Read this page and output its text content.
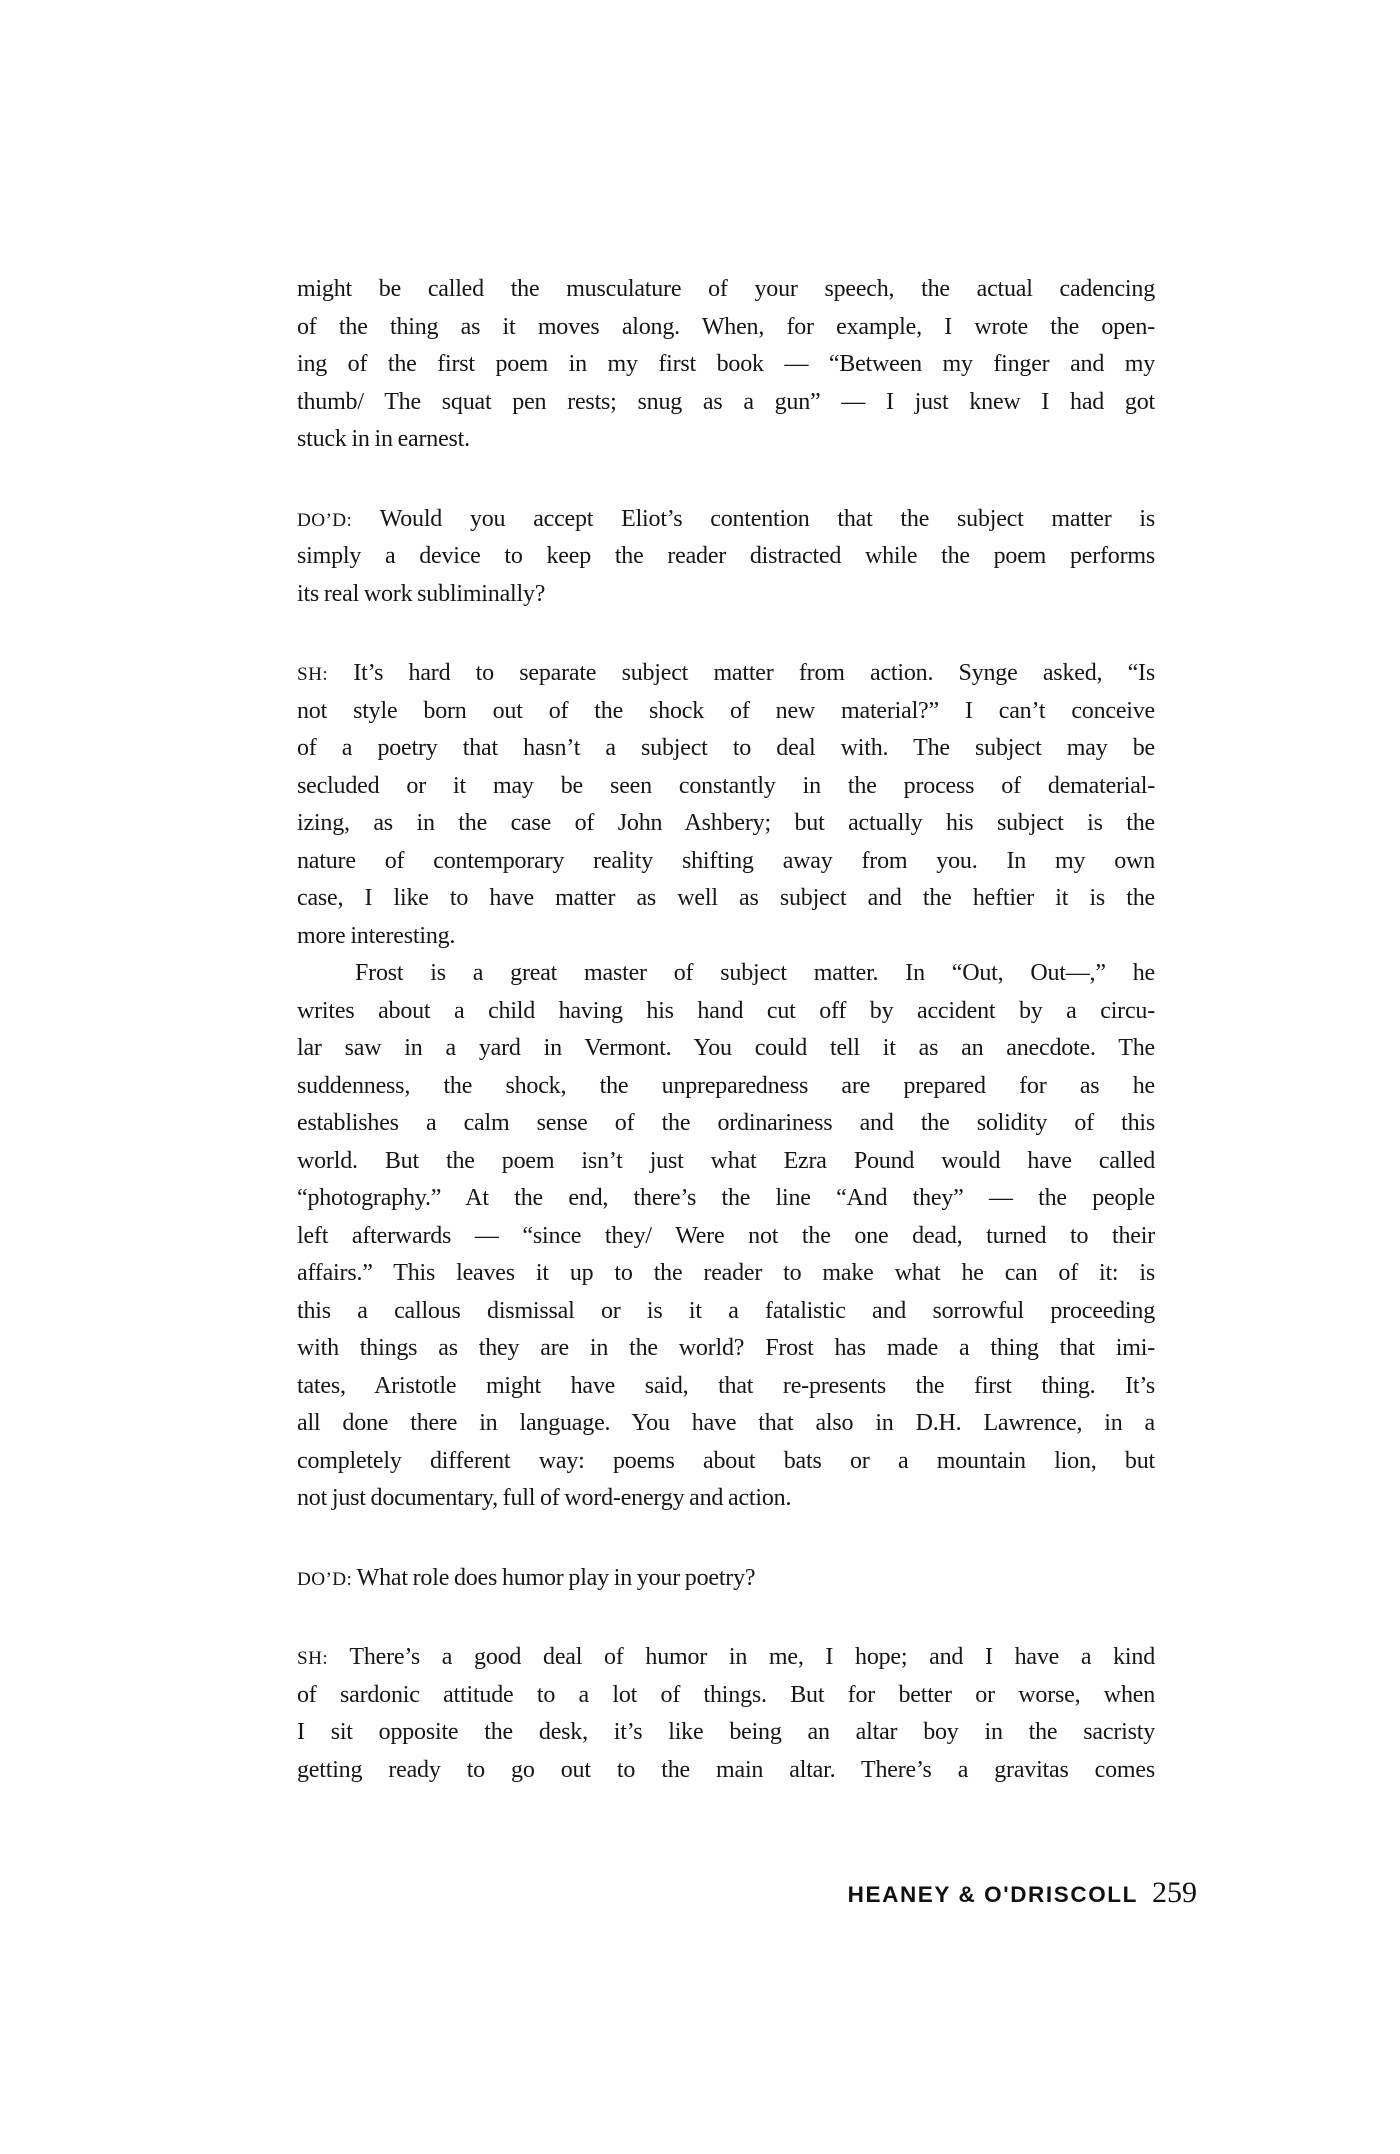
might be called the musculature of your speech, the actual cadencing
of the thing as it moves along. When, for example, I wrote the open-
ing of the first poem in my first book — “Between my finger and my
thumb/ The squat pen rests; snug as a gun” — I just knew I had got
stuck in in earnest.
DO’D: Would you accept Eliot’s contention that the subject matter is
simply a device to keep the reader distracted while the poem performs
its real work subliminally?
SH: It’s hard to separate subject matter from action. Synge asked, “Is
not style born out of the shock of new material?” I can’t conceive
of a poetry that hasn’t a subject to deal with. The subject may be
secluded or it may be seen constantly in the process of dematerial-
izing, as in the case of John Ashbery; but actually his subject is the
nature of contemporary reality shifting away from you. In my own
case, I like to have matter as well as subject and the heftier it is the
more interesting.
Frost is a great master of subject matter. In “Out, Out—,” he
writes about a child having his hand cut off by accident by a circu-
lar saw in a yard in Vermont. You could tell it as an anecdote. The
suddenness, the shock, the unpreparedness are prepared for as he
establishes a calm sense of the ordinariness and the solidity of this
world. But the poem isn’t just what Ezra Pound would have called
“photography.” At the end, there’s the line “And they” — the people
left afterwards — “since they/ Were not the one dead, turned to their
affairs.” This leaves it up to the reader to make what he can of it: is
this a callous dismissal or is it a fatalistic and sorrowful proceeding
with things as they are in the world? Frost has made a thing that imi-
tates, Aristotle might have said, that re-presents the first thing. It’s
all done there in language. You have that also in D.H. Lawrence, in a
completely different way: poems about bats or a mountain lion, but
not just documentary, full of word-energy and action.
DO’D: What role does humor play in your poetry?
SH: There’s a good deal of humor in me, I hope; and I have a kind
of sardonic attitude to a lot of things. But for better or worse, when
I sit opposite the desk, it’s like being an altar boy in the sacristy
getting ready to go out to the main altar. There’s a gravitas comes
HEANEY & O'DRISCOLL 259
